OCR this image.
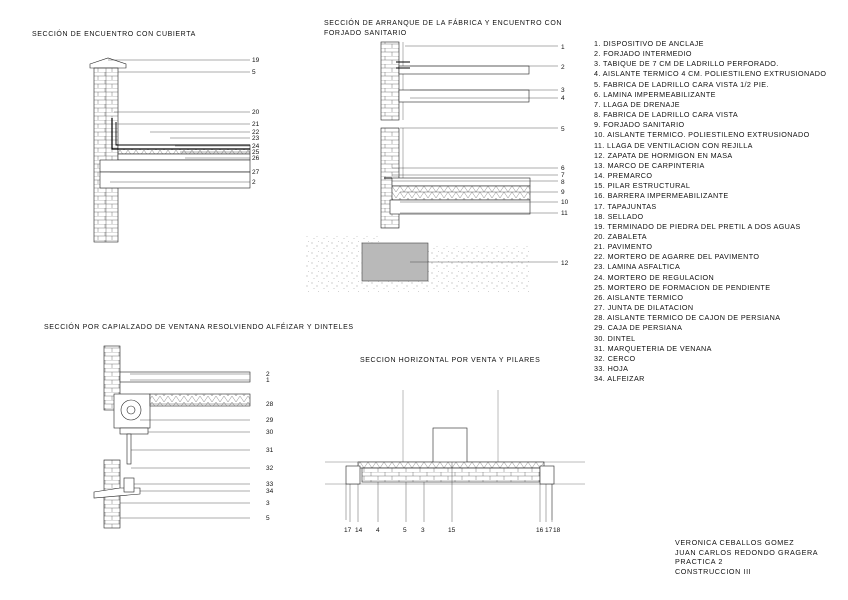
SECCIÓN DE ENCUENTRO CON CUBIERTA
SECCIÓN DE ARRANQUE DE LA FÁBRICA Y ENCUENTRO CON
FORJADO SANITARIO
SECCIÓN POR CAPIALZADO DE VENTANA RESOLVIENDO ALFÉIZAR Y DINTELES
SECCION HORIZONTAL POR VENTA Y PILARES
19
5
20
21
22
23
24
25
26
27
2
1
2
3
4
5
6
7
8
9
10
11
12
2
1
28
29
30
31
32
33
34
3
5
17 14 4	5 3	15	16 17 18
1. DISPOSITIVO DE ANCLAJE
2. FORJADO INTERMEDIO
3. TABIQUE DE 7 CM DE LADRILLO PERFORADO.
4. AISLANTE TERMICO 4 CM. POLIESTILENO EXTRUSIONADO
5. FABRICA DE LADRILLO CARA VISTA 1/2 PIE.
6. LAMINA IMPERMEABILIZANTE
7. LLAGA DE DRENAJE
8. FABRICA DE LADRILLO CARA VISTA
9. FORJADO SANITARIO
10. AISLANTE TERMICO. POLIESTILENO EXTRUSIONADO
11. LLAGA DE VENTILACION CON REJILLA
12. ZAPATA DE HORMIGON EN MASA
13. MARCO DE CARPINTERIA
14. PREMARCO
15. PILAR ESTRUCTURAL
16. BARRERA IMPERMEABILIZANTE
17. TAPAJUNTAS
18. SELLADO
19. TERMINADO DE PIEDRA DEL PRETIL A DOS AGUAS
20. ZABALETA
21. PAVIMENTO
22. MORTERO DE AGARRE DEL PAVIMENTO
23. LAMINA ASFALTICA
24. MORTERO DE REGULACION
25. MORTERO DE FORMACION DE PENDIENTE
26. AISLANTE TERMICO
27. JUNTA DE DILATACION
28. AISLANTE TERMICO DE CAJON DE PERSIANA
29. CAJA DE PERSIANA
30. DINTEL
31. MARQUETERIA DE VENANA
32. CERCO
33. HOJA
34. ALFEIZAR
VERONICA CEBALLOS GOMEZ
JUAN CARLOS REDONDO GRAGERA
PRACTICA 2
CONSTRUCCION III
